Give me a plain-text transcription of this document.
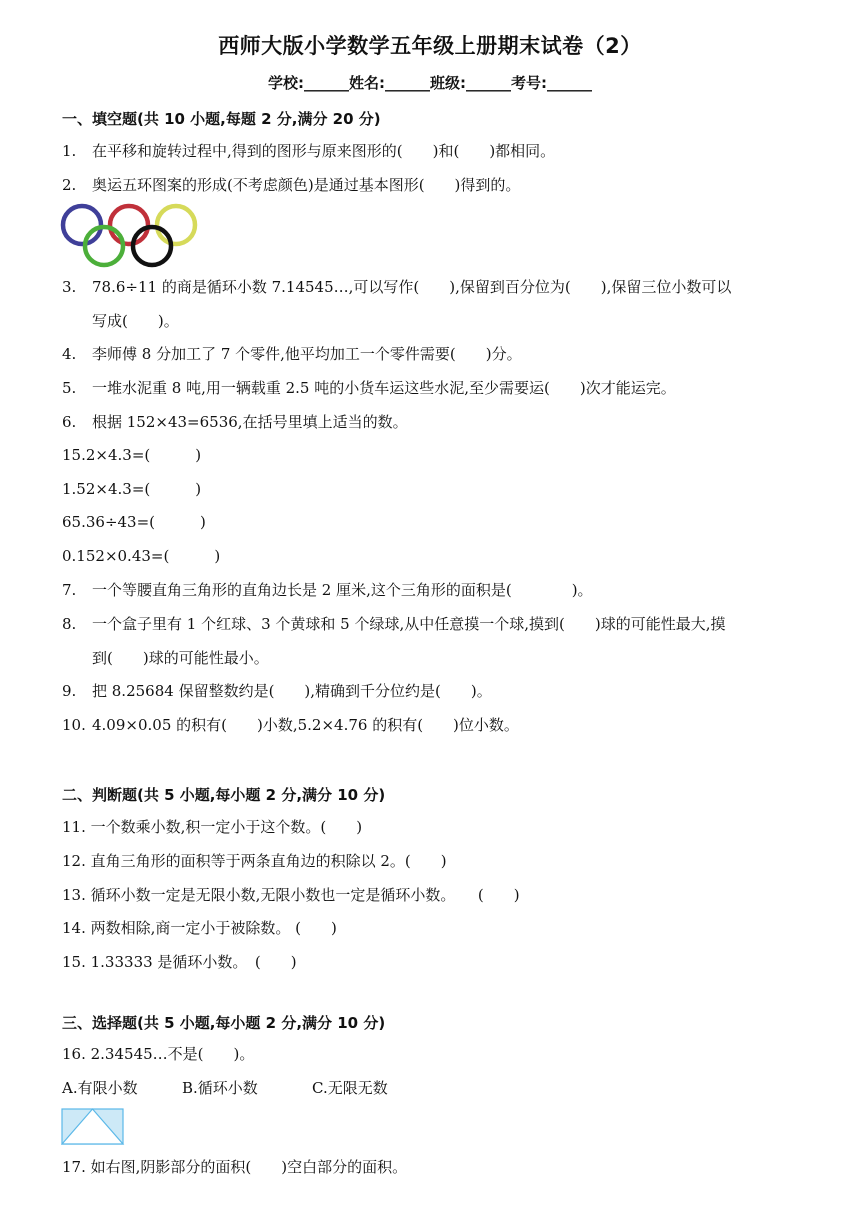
西师大版小学数学五年级上册期末试卷（2）
学校:______姓名:______班级:______考号:______
一、填空题(共 10 小题,每题 2 分,满分 20 分)
1. 在平移和旋转过程中,得到的图形与原来图形的(　　)和(　　)都相同。
2. 奥运五环图案的形成(不考虑颜色)是通过基本图形(　　)得到的。
3. 78.6÷11 的商是循环小数 7.14545…,可以写作(　　),保留到百分位为(　　),保留三位小数可以
写成(　　)。
4. 李师傅 8 分加工了 7 个零件,他平均加工一个零件需要(　　)分。
5. 一堆水泥重 8 吨,用一辆载重 2.5 吨的小货车运这些水泥,至少需要运(　　)次才能运完。
6. 根据 152×43=6536,在括号里填上适当的数。
15.2×4.3=(　　　)
1.52×4.3=(　　　)
65.36÷43=(　　　)
0.152×0.43=(　　　)
7. 一个等腰直角三角形的直角边长是 2 厘米,这个三角形的面积是(　　　　)。
8. 一个盒子里有 1 个红球、3 个黄球和 5 个绿球,从中任意摸一个球,摸到(　　)球的可能性最大,摸
到(　　)球的可能性最小。
9. 把 8.25684 保留整数约是(　　),精确到千分位约是(　　)。
10. 4.09×0.05 的积有(　　)小数,5.2×4.76 的积有(　　)位小数。
二、判断题(共 5 小题,每小题 2 分,满分 10 分)
11. 一个数乘小数,积一定小于这个数。(　　)
12. 直角三角形的面积等于两条直角边的积除以 2。(　　)
13. 循环小数一定是无限小数,无限小数也一定是循环小数。　　(　　)
14. 两数相除,商一定小于被除数。 (　　)
15. 1.33333 是循环小数。　(　　)
三、选择题(共 5 小题,每小题 2 分,满分 10 分)
16. 2.34545…不是(　　)。
A.有限小数	B.循环小数	C.无限无数
17. 如右图,阴影部分的面积(　　)空白部分的面积。
